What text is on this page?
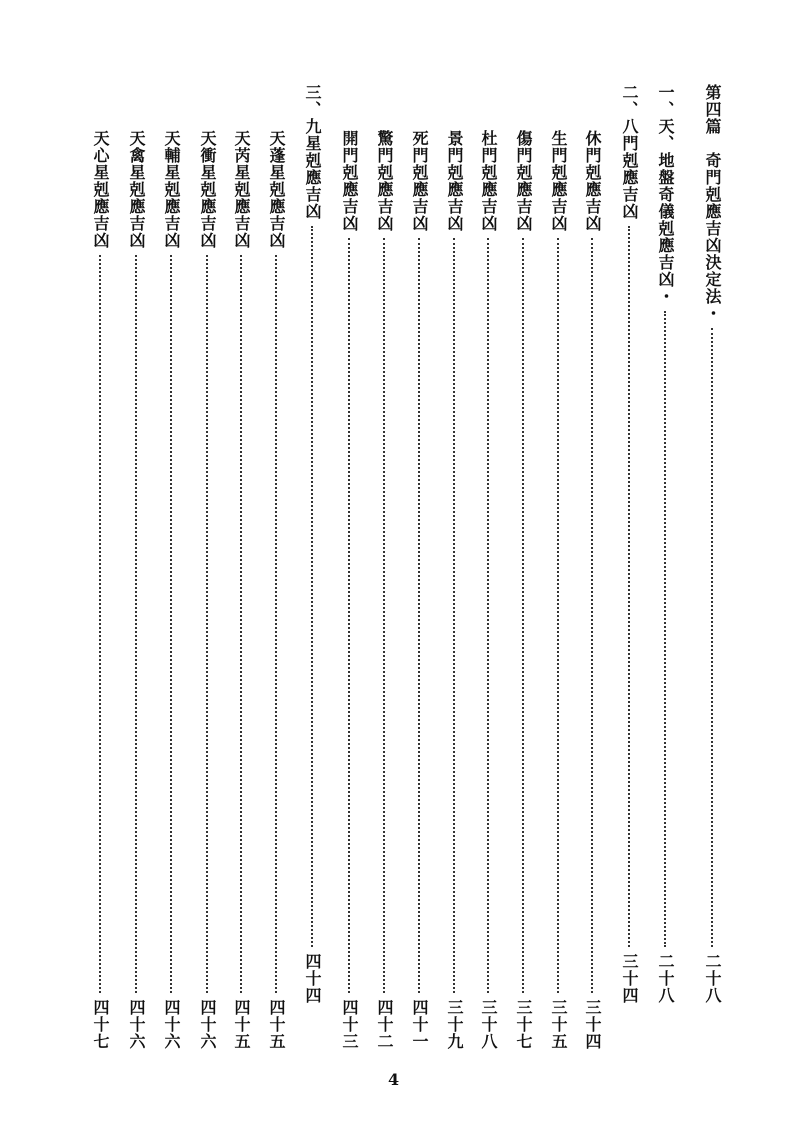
第四篇　奇門剋應吉凶決定法・
二十八
一、天、地盤奇儀剋應吉凶・
二十八
二、八門剋應吉凶
三十四
休門剋應吉凶
三十四
生門剋應吉凶
三十五
傷門剋應吉凶
三十七
杜門剋應吉凶
三十八
景門剋應吉凶
三十九
死門剋應吉凶
四十一
驚門剋應吉凶
四十二
開門剋應吉凶
四十三
三、九星剋應吉凶
四十四
天蓬星剋應吉凶
四十五
天芮星剋應吉凶
四十五
天衝星剋應吉凶
四十六
天輔星剋應吉凶
四十六
天禽星剋應吉凶
四十六
天心星剋應吉凶
四十七
4
